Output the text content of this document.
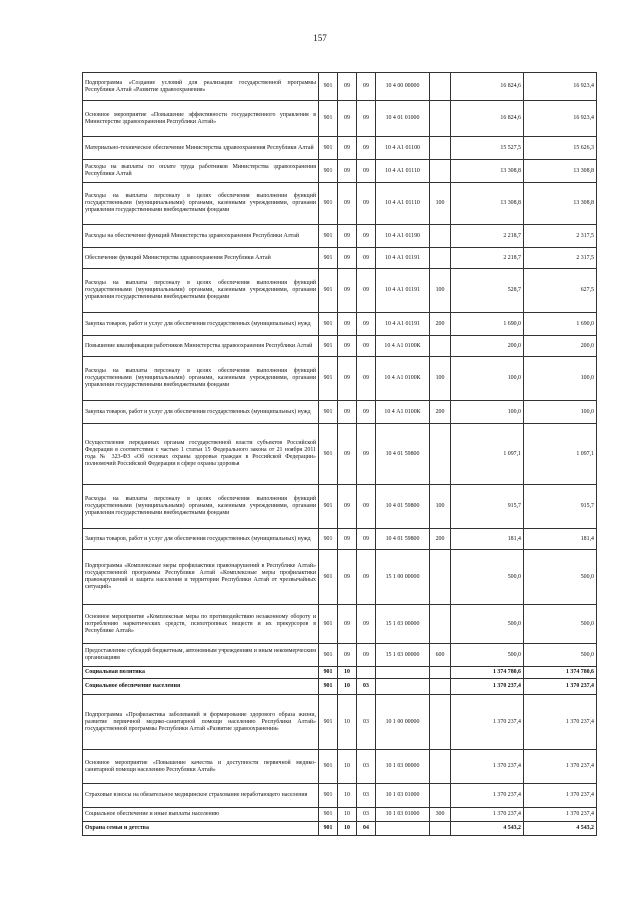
157
Подпрограмма «Создание условий для реализации государственной программы Республики Алтай «Развитие здравоохранения»	901	09	09	10 4 00 00000		16 824,6	16 923,4
Основное мероприятие «Повышение эффективности государственного управления в Министерстве здравоохранения Республики Алтай»	901	09	09	10 4 01 01000		16 824,6	16 923,4
Материально-техническое обеспечение Министерства здравоохранения Республики Алтай	901	09	09	10 4 А1 01100		15 527,5	15 626,3
Расходы на выплаты по оплате труда работников Министерства здравоохранения Республики Алтай	901	09	09	10 4 А1 01110		13 308,8	13 308,8
Расходы на выплаты персоналу в целях обеспечения выполнения функций государственными (муниципальными) органами, казенными учреждениями, органами управления государственными внебюджетными фондами	901	09	09	10 4 А1 01110	100	13 308,8	13 308,8
Расходы на обеспечение функций Министерства здравоохранения Республики Алтай	901	09	09	10 4 А1 01190		2 218,7	2 317,5
Обеспечение функций Министерства здравоохранения Республики Алтай	901	09	09	10 4 А1 01191		2 218,7	2 317,5
Расходы на выплаты персоналу в целях обеспечения выполнения функций государственными (муниципальными) органами, казенными учреждениями, органами управления государственными внебюджетными фондами	901	09	09	10 4 А1 01191	100	528,7	627,5
Закупка товаров, работ и услуг для обеспечения государственных (муниципальных) нужд	901	09	09	10 4 А1 01191	200	1 690,0	1 690,0
Повышение квалификации работников Министерства здравоохранения Республики Алтай	901	09	09	10 4 А1 0100К		200,0	200,0
Расходы на выплаты персоналу в целях обеспечения выполнения функций государственными (муниципальными) органами, казенными учреждениями, органами управления государственными внебюджетными фондами	901	09	09	10 4 А1 0100К	100	100,0	100,0
Закупка товаров, работ и услуг для обеспечения государственных (муниципальных) нужд	901	09	09	10 4 А1 0100К	200	100,0	100,0
Осуществление переданных органам государственной власти субъектов Российской Федерации в соответствии с частью 1 статьи 15 Федерального закона от 21 ноября 2011 года № 323-ФЗ «Об основах охраны здоровья граждан в Российской Федерации» полномочий Российской Федерации в сфере охраны здоровья	901	09	09	10 4 01 59800		1 097,1	1 097,1
Расходы на выплаты персоналу в целях обеспечения выполнения функций государственными (муниципальными) органами, казенными учреждениями, органами управления государственными внебюджетными фондами	901	09	09	10 4 01 59800	100	915,7	915,7
Закупка товаров, работ и услуг для обеспечения государственных (муниципальных) нужд	901	09	09	10 4 01 59800	200	181,4	181,4
Подпрограмма «Комплексные меры профилактики правонарушений в Республике Алтай» государственной программы Республики Алтай «Комплексные меры профилактики правонарушений и защита населения и территории Республики Алтай от чрезвычайных ситуаций»	901	09	09	15 1 00 00000		500,0	500,0
Основное мероприятие «Комплексные меры по противодействию незаконному обороту и потреблению наркотических средств, психотропных веществ и их прекурсоров в Республике Алтай»	901	09	09	15 1 03 00000		500,0	500,0
Предоставление субсидий бюджетным, автономным учреждениям и иным некоммерческим организациям	901	09	09	15 1 03 00000	600	500,0	500,0
Социальная политика	901	10				1 374 780,6	1 374 780,6
Социальное обеспечение населения	901	10	03			1 370 237,4	1 370 237,4
Подпрограмма «Профилактика заболеваний и формирование здорового образа жизни, развитие первичной медико-санитарной помощи населению Республики Алтай» государственной программы Республики Алтай «Развитие здравоохранения»	901	10	03	10 1 00 00000		1 370 237,4	1 370 237,4
Основное мероприятие «Повышение качества и доступности первичной медико-санитарной помощи населению Республики Алтай»	901	10	03	10 1 03 00000		1 370 237,4	1 370 237,4
Страховые взносы на обязательное медицинское страхование неработающего населения	901	10	03	10 1 03 01000		1 370 237,4	1 370 237,4
Социальное обеспечение и иные выплаты населению	901	10	03	10 1 03 01000	300	1 370 237,4	1 370 237,4
Охрана семьи и детства	901	10	04			4 543,2	4 543,2
